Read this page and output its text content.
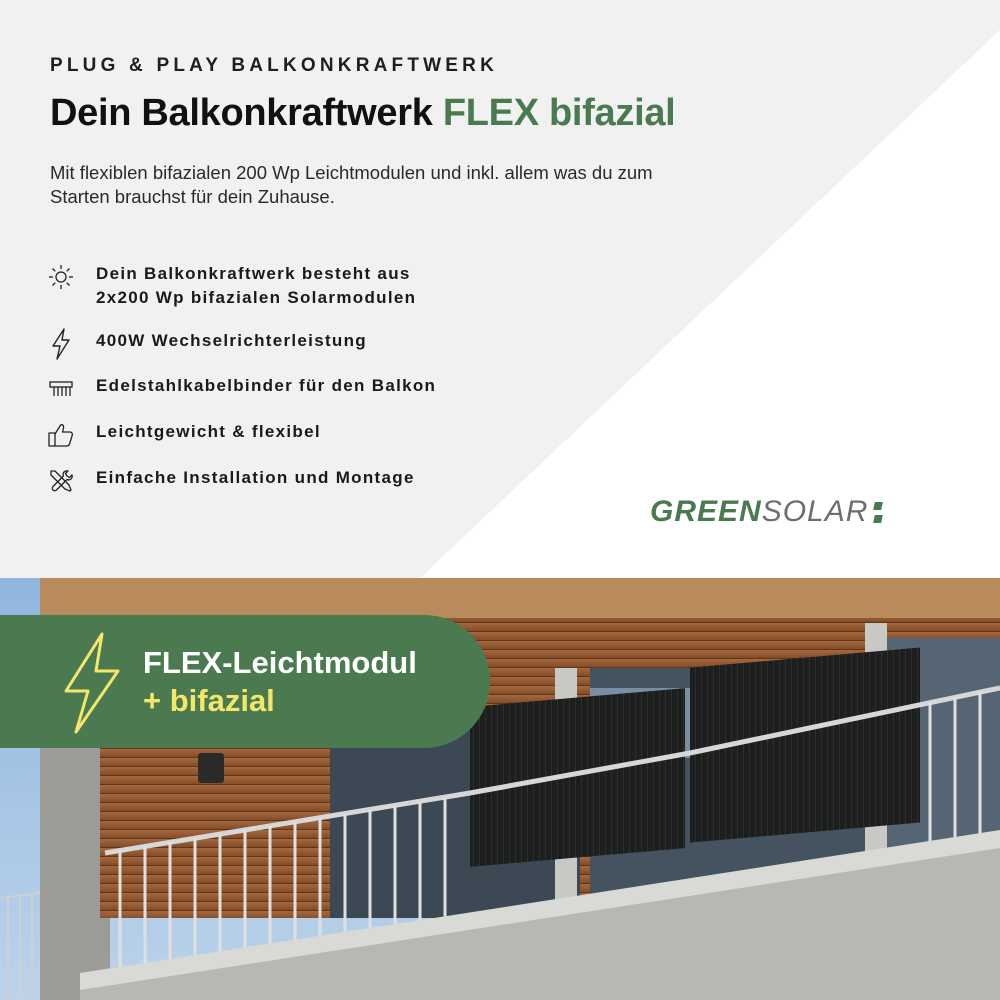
PLUG & PLAY BALKONKRAFTWERK
Dein Balkonkraftwerk FLEX bifazial

Mit flexiblen bifazialen 200 Wp Leichtmodulen und inkl. allem was du zum Starten brauchst für dein Zuhause.

Dein Balkonkraftwerk besteht aus
2x200 Wp bifazialen Solarmodulen
400W Wechselrichterleistung
Edelstahlkabelbinder für den Balkon
Leichtgewicht & flexibel
Einfache Installation und Montage
GREEN SOLAR
FLEX-Leichtmodul
+ bifazial
